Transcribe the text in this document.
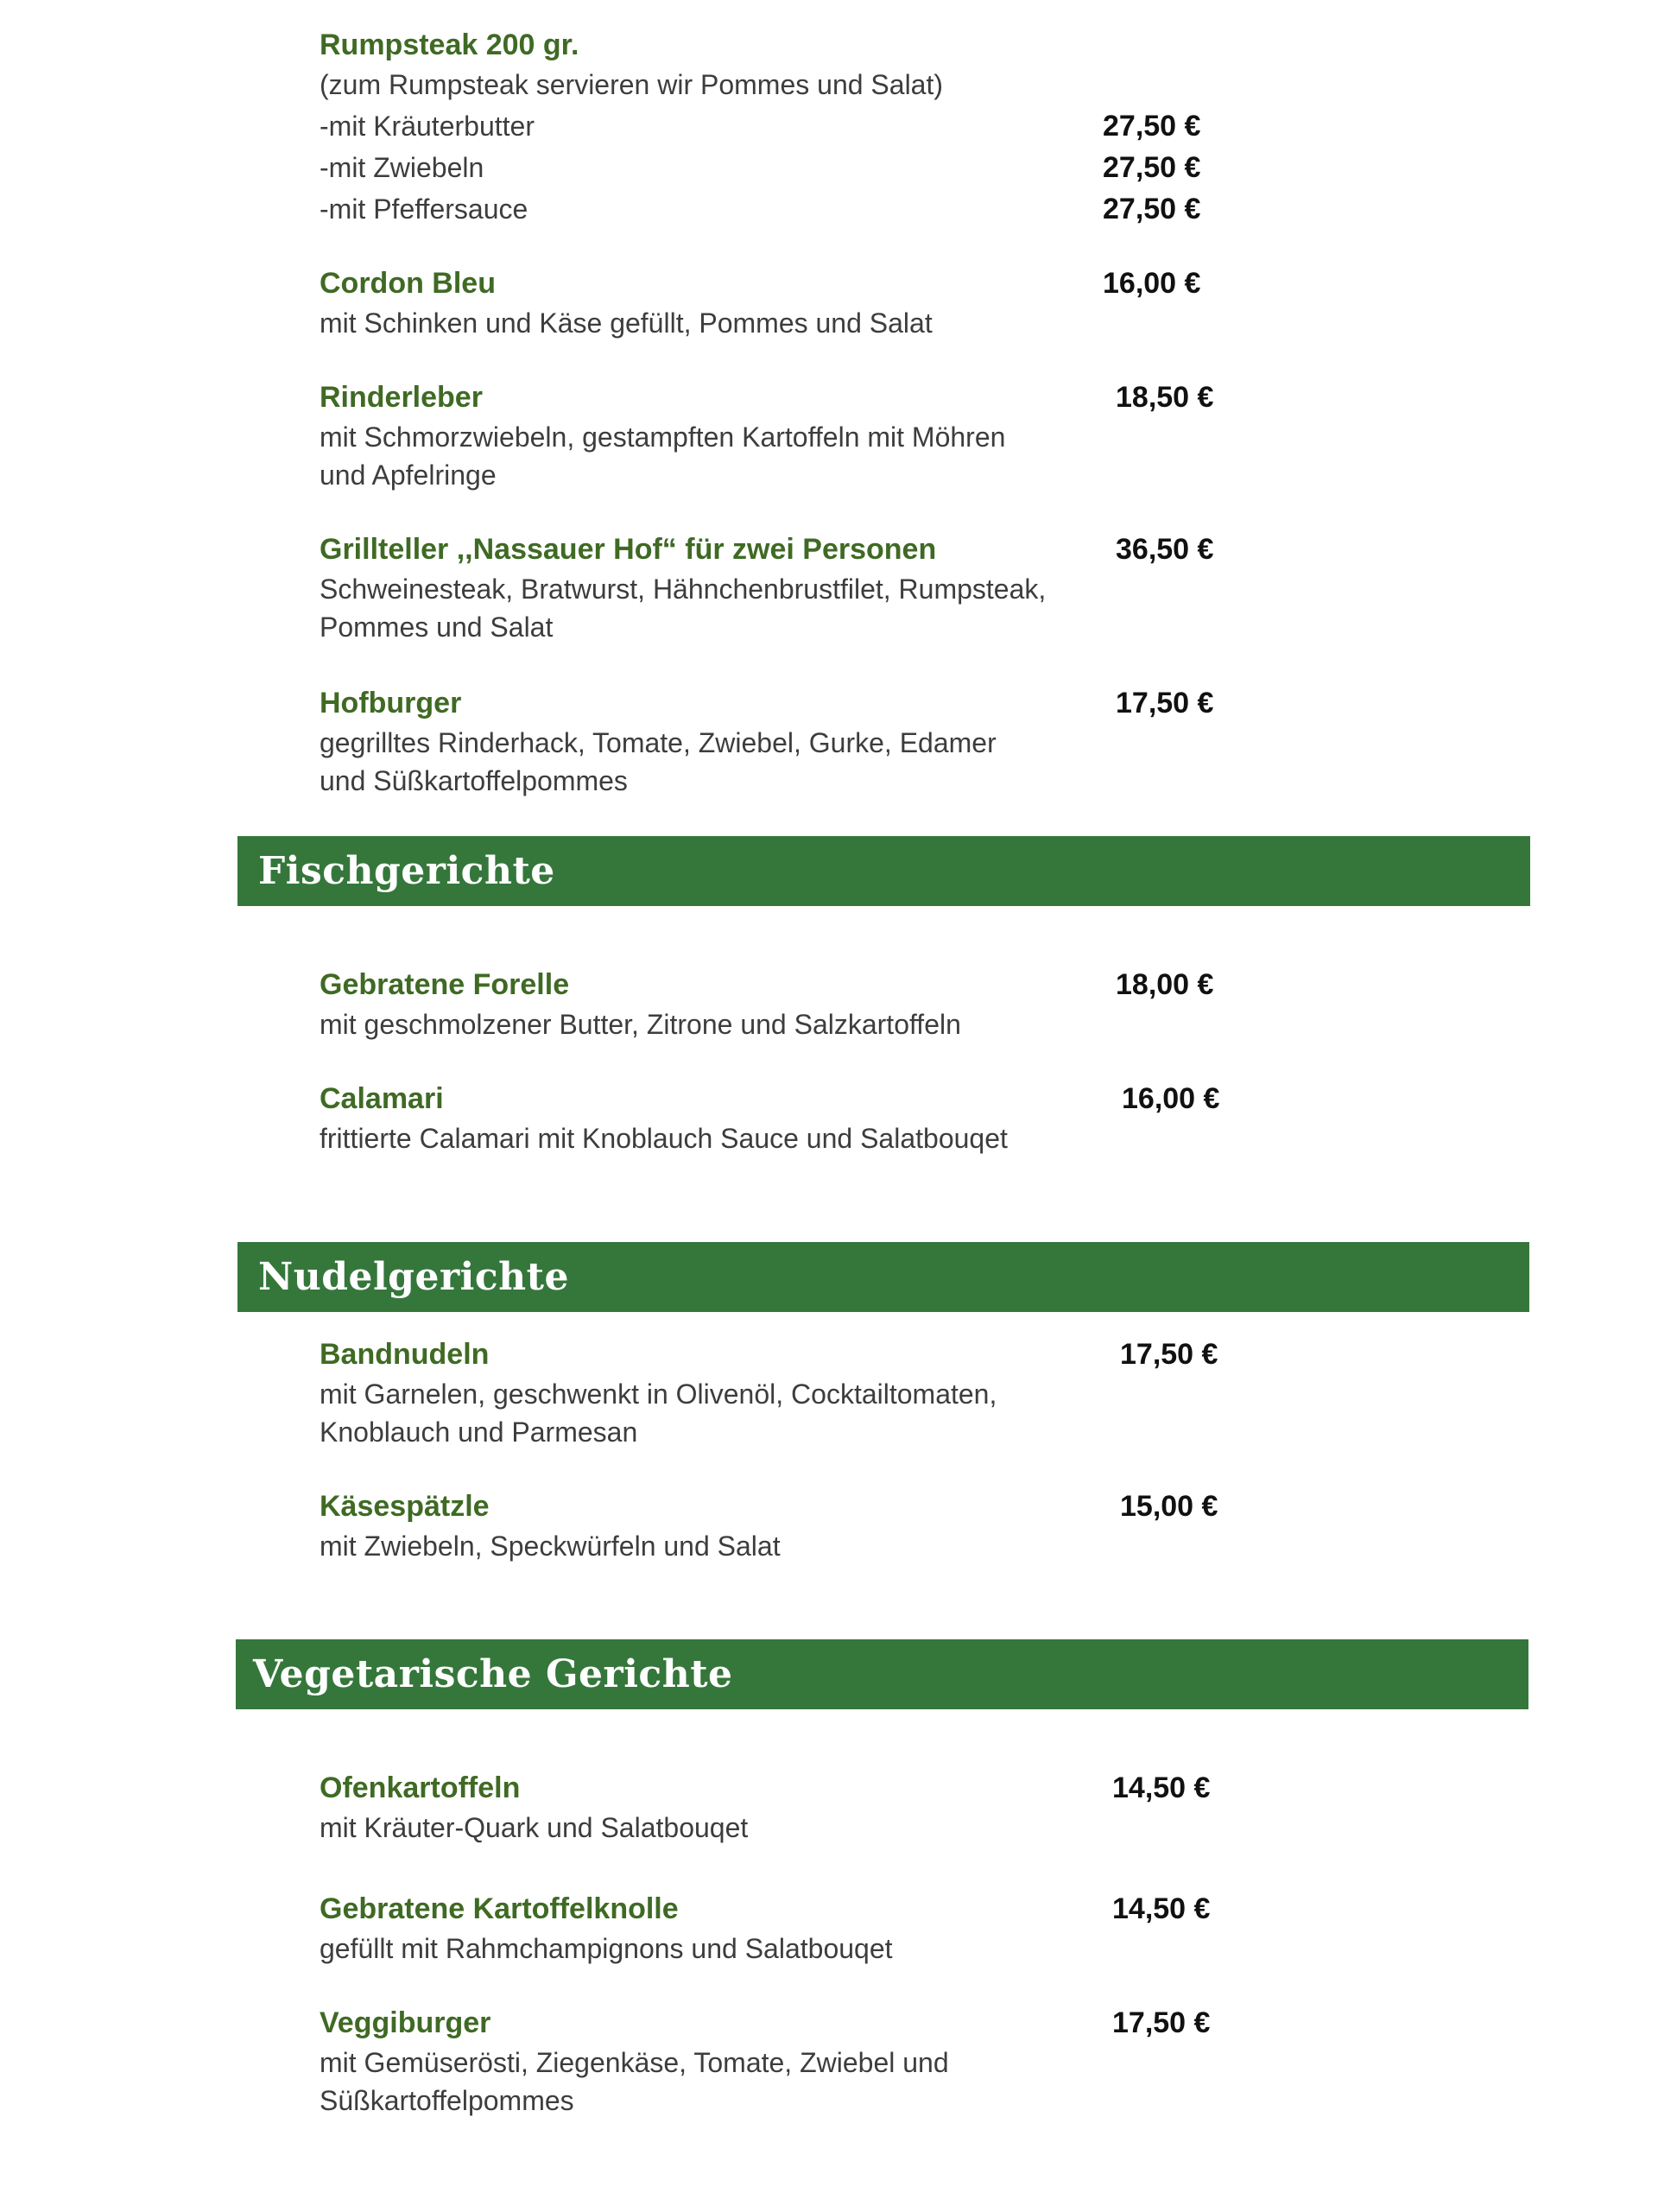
Rumpsteak 200 gr.

(zum Rumpsteak servieren wir Pommes und Salat)

-mit Kräuterbutter	27,50 €

-mit Zwiebeln	27,50 €

-mit Pfeffersauce	27,50 €

Cordon Bleu	16,00 €

mit Schinken und Käse gefüllt, Pommes und Salat

Rinderleber	18,50 €

mit Schmorzwiebeln, gestampften Kartoffeln mit Möhren

und Apfelringe

Grillteller ,,Nassauer Hof“ für zwei Personen	36,50 €

Schweinesteak, Bratwurst, Hähnchenbrustfilet, Rumpsteak,

Pommes und Salat

Hofburger	17,50 €

gegrilltes Rinderhack, Tomate, Zwiebel, Gurke, Edamer

und Süßkartoffelpommes

Fischgerichte

Gebratene Forelle	18,00 €

mit geschmolzener Butter, Zitrone und Salzkartoffeln

Calamari	16,00 €

frittierte Calamari mit Knoblauch Sauce und Salatbouqet

Nudelgerichte

Bandnudeln	17,50 €

mit Garnelen, geschwenkt in Olivenöl, Cocktailtomaten,

Knoblauch und Parmesan

Käsespätzle	15,00 €

mit Zwiebeln, Speckwürfeln und Salat

Vegetarische Gerichte

Ofenkartoffeln	14,50 €

mit Kräuter-Quark und Salatbouqet

Gebratene Kartoffelknolle	14,50 €

gefüllt mit Rahmchampignons und Salatbouqet

Veggiburger	17,50 €

mit Gemüserösti, Ziegenkäse, Tomate, Zwiebel und

Süßkartoffelpommes
